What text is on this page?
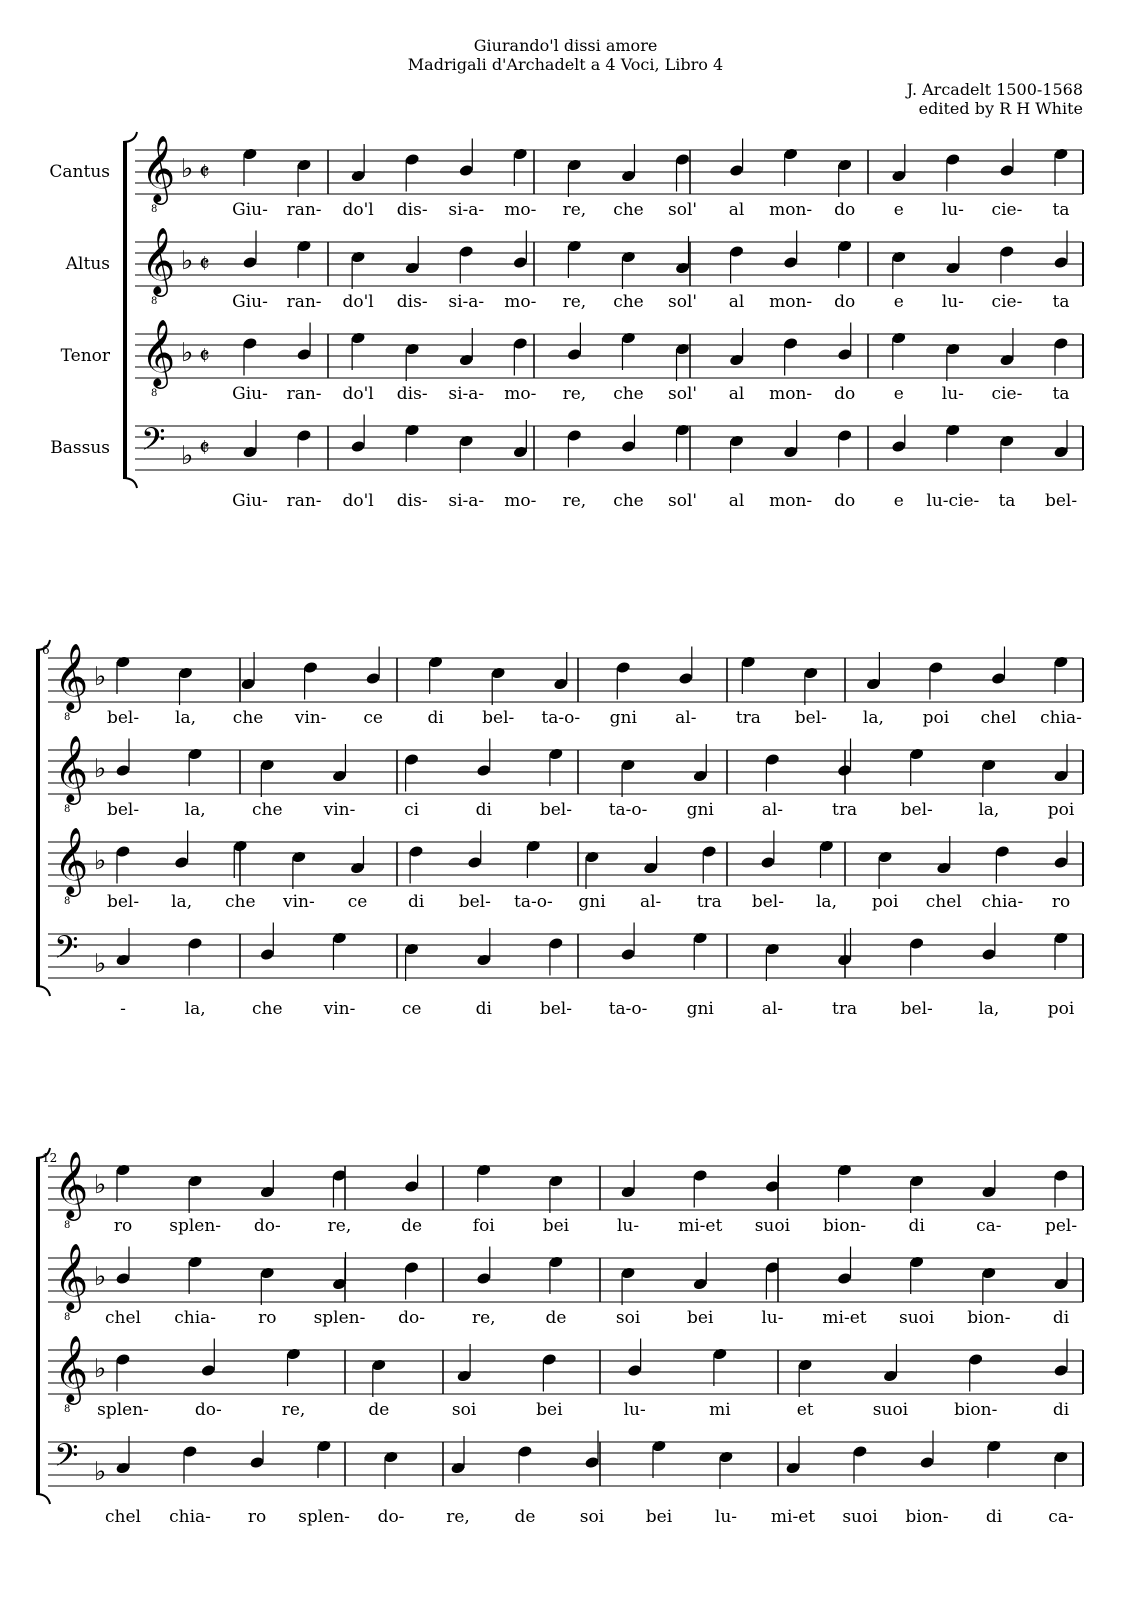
Giurando'l dissi amore
Madrigali d'Archadelt a 4 Voci, Libro 4
J. Arcadelt 1500-1568
edited by R H White
𝄞
8
♭ 𝄵
Giu- ran- do'l dis- si-a- mo- re, che sol' al mon- do e lu- cie- ta
Cantus
𝄞
8
♭ 𝄵
Giu- ran- do'l dis- si-a- mo- re, che sol' al mon- do e lu- cie- ta
Altus
𝄞
8
♭ 𝄵
Giu- ran- do'l dis- si-a- mo- re, che sol' al mon- do e lu- cie- ta
Tenor
𝄢 ♭ 𝄵
Giu- ran- do'l dis- si-a- mo- re, che sol' al mon- do e lu-cie- ta bel-
Bassus
6 𝄞
8
♭
bel- la, che vin- ce	di bel- ta-o- gni al- tra bel- la, poi chel chia-
𝄞
8
♭
bel-	la,	che vin-	ci	di	bel- ta-o- gni	al-	tra	bel-	la,	poi
𝄞
8
♭
bel- la, che vin- ce di bel- ta-o- gni al- tra bel- la, poi chel chia- ro
𝄢 ♭
-	la,	che vin-	ce	di	bel- ta-o- gni	al-	tra	bel-	la,	poi
12
𝄞
8
♭
ro splen- do-	re,	de	foi	bei	lu- mi-et suoi bion- di	ca-	pel-
𝄞
8
♭
chel chia- ro splen- do-	re,	de	soi	bei	lu- mi-et suoi bion- di
𝄞
8
♭
splen-	do-	re,	de	soi	bei	lu-	mi	et	suoi	bion-	di
𝄢 ♭
chel chia- ro splen- do- re,	de	soi bei	lu- mi-et suoi bion- di	ca-
